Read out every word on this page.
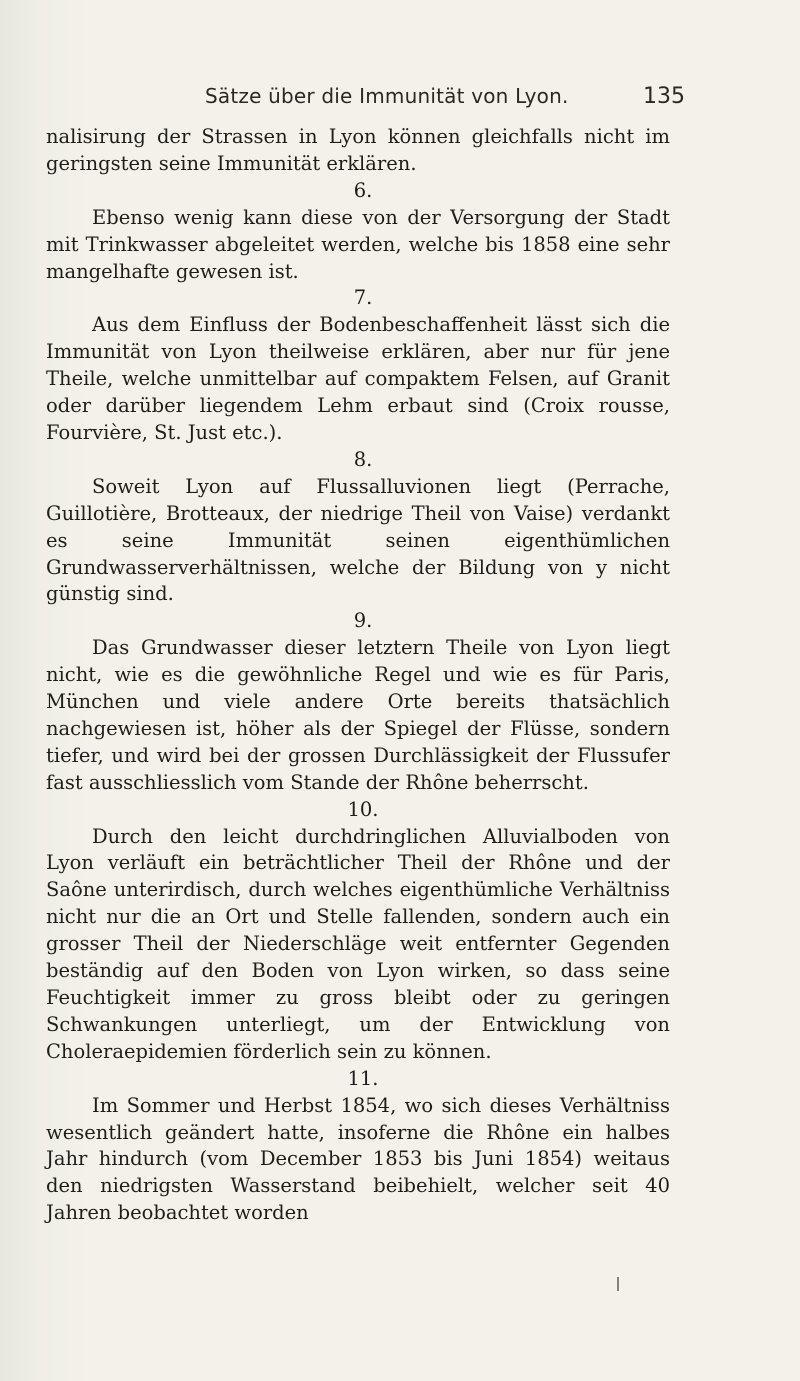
Sätze über die Immunität von Lyon.	135

nalisirung der Strassen in Lyon können gleichfalls nicht im geringsten seine Immunität erklären.

6.

Ebenso wenig kann diese von der Versorgung der Stadt mit Trinkwasser abgeleitet werden, welche bis 1858 eine sehr mangelhafte gewesen ist.

7.

Aus dem Einfluss der Bodenbeschaffenheit lässt sich die Immunität von Lyon theilweise erklären, aber nur für jene Theile, welche unmittelbar auf compaktem Felsen, auf Granit oder darüber liegendem Lehm erbaut sind (Croix rousse, Fourvière, St. Just etc.).

8.

Soweit Lyon auf Flussalluvionen liegt (Perrache, Guillotière, Brotteaux, der niedrige Theil von Vaise) verdankt es seine Immunität seinen eigenthümlichen Grundwasserverhältnissen, welche der Bildung von y nicht günstig sind.

9.

Das Grundwasser dieser letztern Theile von Lyon liegt nicht, wie es die gewöhnliche Regel und wie es für Paris, München und viele andere Orte bereits thatsächlich nachgewiesen ist, höher als der Spiegel der Flüsse, sondern tiefer, und wird bei der grossen Durchlässigkeit der Flussufer fast ausschliesslich vom Stande der Rhône beherrscht.

10.

Durch den leicht durchdringlichen Alluvialboden von Lyon verläuft ein beträchtlicher Theil der Rhône und der Saône unterirdisch, durch welches eigenthümliche Verhältniss nicht nur die an Ort und Stelle fallenden, sondern auch ein grosser Theil der Niederschläge weit entfernter Gegenden beständig auf den Boden von Lyon wirken, so dass seine Feuchtigkeit immer zu gross bleibt oder zu geringen Schwankungen unterliegt, um der Entwicklung von Choleraepidemien förderlich sein zu können.

11.

Im Sommer und Herbst 1854, wo sich dieses Verhältniss wesentlich geändert hatte, insoferne die Rhône ein halbes Jahr hindurch (vom December 1853 bis Juni 1854) weitaus den niedrigsten Wasserstand beibehielt, welcher seit 40 Jahren beobachtet worden
